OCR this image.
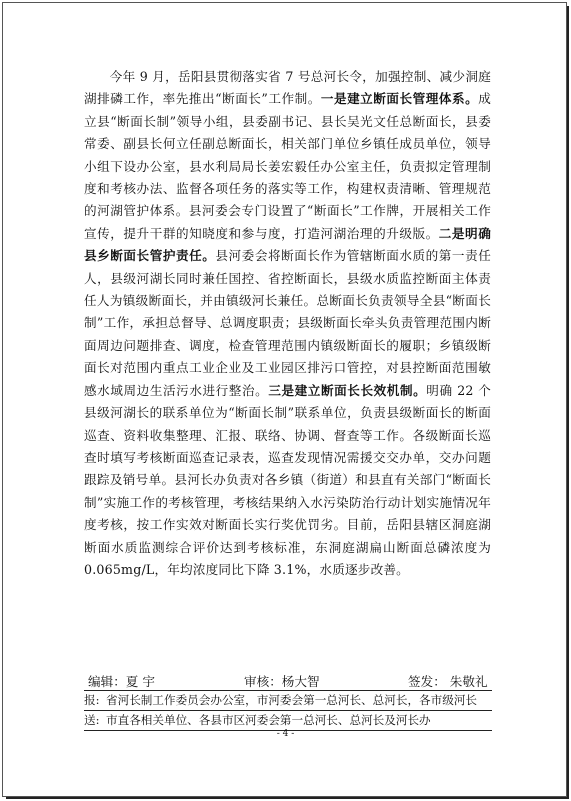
  今年 9 月，岳阳县贯彻落实省 7 号总河长令，加强控制、减少洞庭湖排磷工作，率先推出“断面长”工作制。一是建立断面长管理体系。成立县“断面长制”领导小组，县委副书记、县长吴光文任总断面长，县委常委、副县长何立任副总断面长，相关部门单位乡镇任成员单位，领导小组下设办公室，县水利局局长姜宏毅任办公室主任，负责拟定管理制度和考核办法、监督各项任务的落实等工作，构建权责清晰、管理规范的河湖管护体系。县河委会专门设置了“断面长”工作牌，开展相关工作宣传，提升干群的知晓度和参与度，打造河湖治理的升级版。二是明确县乡断面长管护责任。县河委会将断面长作为管辖断面水质的第一责任人，县级河湖长同时兼任国控、省控断面长，县级水质监控断面主体责任人为镇级断面长，并由镇级河长兼任。总断面长负责领导全县“断面长制”工作，承担总督导、总调度职责；县级断面长牵头负责管理范围内断面周边问题排查、调度，检查管理范围内镇级断面长的履职；乡镇级断面长对范围内重点工业企业及工业园区排污口管控，对县控断面范围敏感水域周边生活污水进行整治。三是建立断面长长效机制。明确 22 个县级河湖长的联系单位为“断面长制”联系单位，负责县级断面长的断面巡查、资料收集整理、汇报、联络、协调、督查等工作。各级断面长巡查时填写考核断面巡查记录表，巡查发现情况需援交交办单，交办问题跟踪及销号单。县河长办负责对各乡镇（街道）和县直有关部门“断面长制”实施工作的考核管理，考核结果纳入水污染防治行动计划实施情况年度考核，按工作实效对断面长实行奖优罚劣。目前，岳阳县辖区洞庭湖断面水质监测综合评价达到考核标准，东洞庭湖扁山断面总磷浓度为 0.065mg/L，年均浓度同比下降 3.1%，水质逐步改善。

编辑：夏 宇	审核：杨大智	签发： 朱敬礼
报: 省河长制工作委员会办公室，市河委会第一总河长、总河长，各市级河长
送: 市直各相关单位、各县市区河委会第一总河长、总河长及河长办
- 4 -
